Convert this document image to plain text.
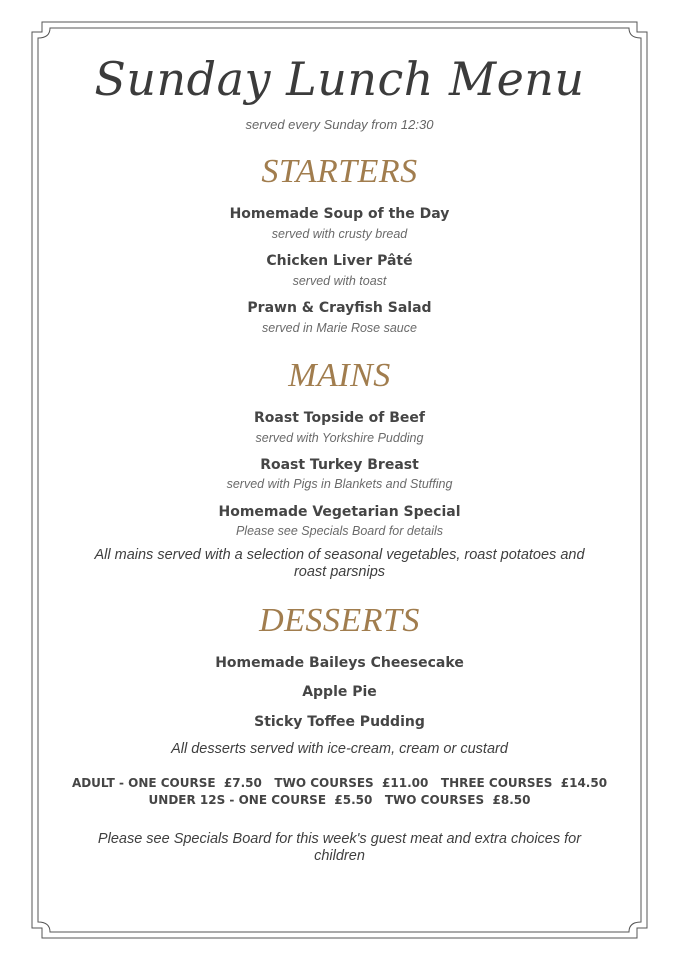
Sunday Lunch Menu
served every Sunday from 12:30
STARTERS
Homemade Soup of the Day
served with crusty bread
Chicken Liver Pâté
served with toast
Prawn & Crayfish Salad
served in Marie Rose sauce
MAINS
Roast Topside of Beef
served with Yorkshire Pudding
Roast Turkey Breast
served with Pigs in Blankets and Stuffing
Homemade Vegetarian Special
Please see Specials Board for details
All mains served with a selection of seasonal vegetables, roast potatoes and roast parsnips
DESSERTS
Homemade Baileys Cheesecake
Apple Pie
Sticky Toffee Pudding
All desserts served with ice-cream, cream or custard
ADULT - ONE COURSE  £7.50   TWO COURSES  £11.00   THREE COURSES  £14.50
UNDER 12S - ONE COURSE  £5.50   TWO COURSES  £8.50
Please see Specials Board for this week's guest meat and extra choices for children
